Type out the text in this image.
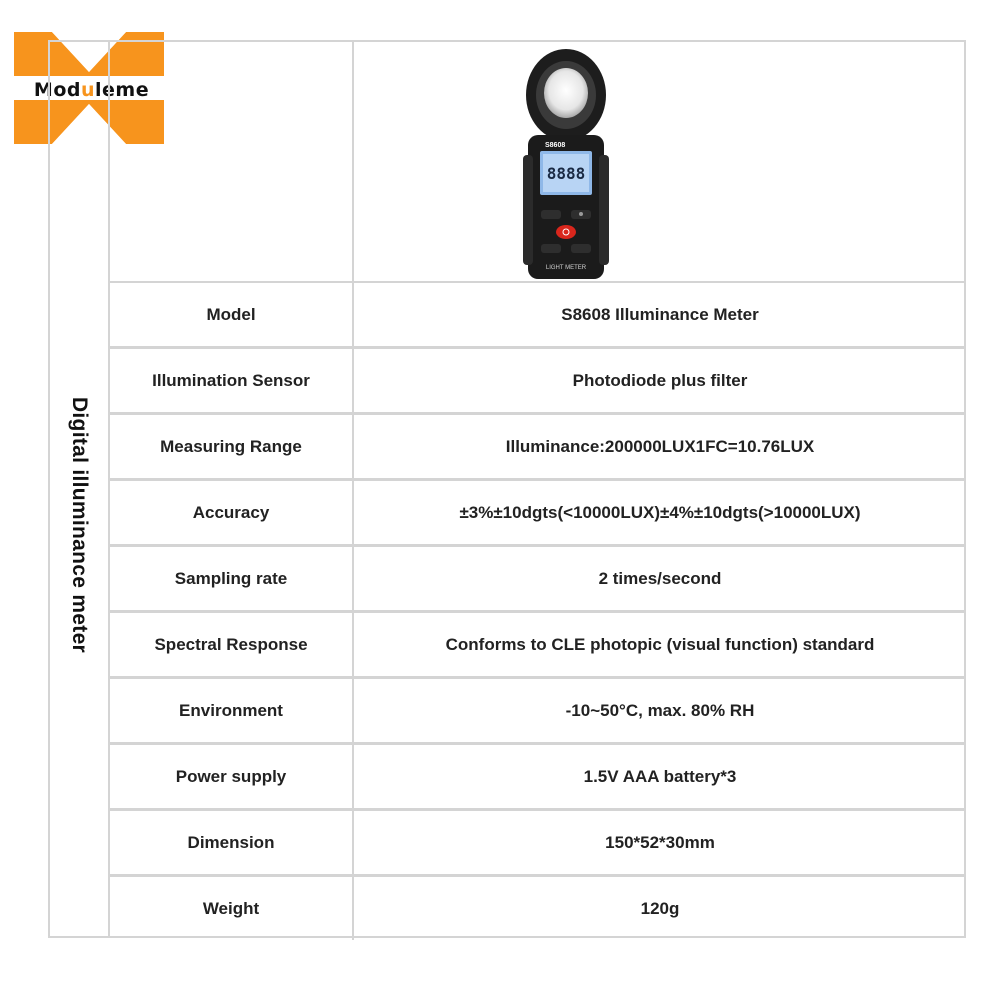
Moduleme
Digital illuminance meter
S8608
8888
LIGHT METER
Model	S8608 Illuminance Meter
Illumination Sensor	Photodiode plus filter
Measuring Range	Illuminance:200000LUX1FC=10.76LUX
Accuracy	±3%±10dgts(<10000LUX)±4%±10dgts(>10000LUX)
Sampling rate	2 times/second
Spectral Response	Conforms to CLE photopic (visual function) standard
Environment	-10~50°C, max. 80% RH
Power supply	1.5V AAA battery*3
Dimension	150*52*30mm
Weight	120g
